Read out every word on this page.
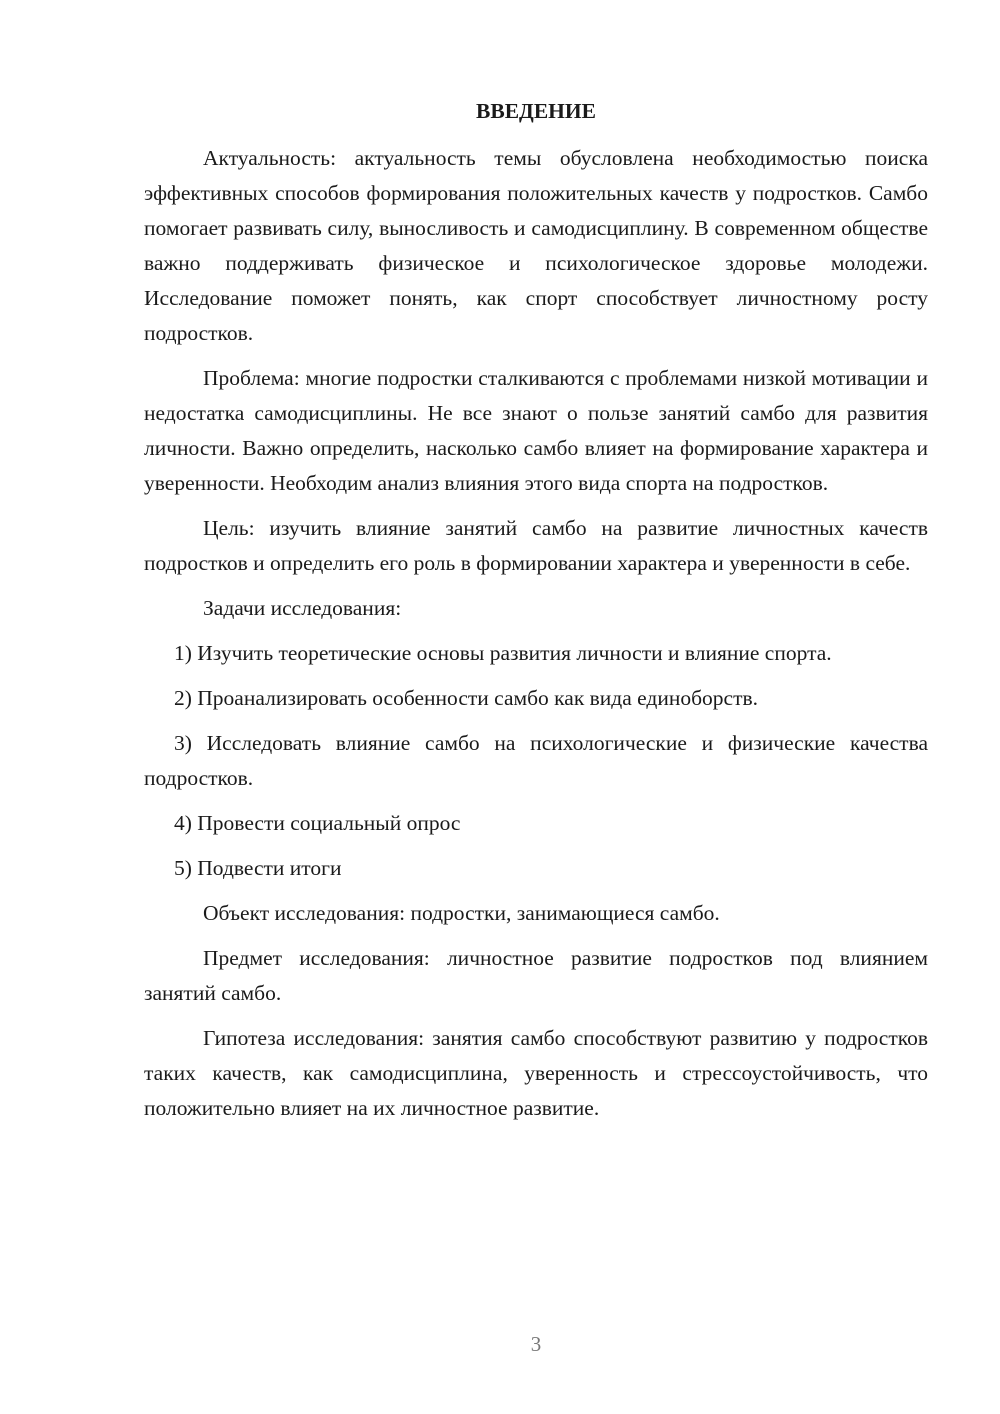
ВВЕДЕНИЕ

Актуальность: актуальность темы обусловлена необходимостью поиска эффективных способов формирования положительных качеств у подростков. Самбо помогает развивать силу, выносливость и самодисциплину. В современном обществе важно поддерживать физическое и психологическое здоровье молодежи. Исследование поможет понять, как спорт способствует личностному росту подростков.

Проблема: многие подростки сталкиваются с проблемами низкой мотивации и недостатка самодисциплины. Не все знают о пользе занятий самбо для развития личности. Важно определить, насколько самбо влияет на формирование характера и уверенности. Необходим анализ влияния этого вида спорта на подростков.

Цель: изучить влияние занятий самбо на развитие личностных качеств подростков и определить его роль в формировании характера и уверенности в себе.

Задачи исследования:

1) Изучить теоретические основы развития личности и влияние спорта.

2) Проанализировать особенности самбо как вида единоборств.

3) Исследовать влияние самбо на психологические и физические качества подростков.

4) Провести социальный опрос

5) Подвести итоги

Объект исследования: подростки, занимающиеся самбо.

Предмет исследования: личностное развитие подростков под влиянием занятий самбо.

Гипотеза исследования: занятия самбо способствуют развитию у подростков таких качеств, как самодисциплина, уверенность и стрессоустойчивость, что положительно влияет на их личностное развитие.

3
